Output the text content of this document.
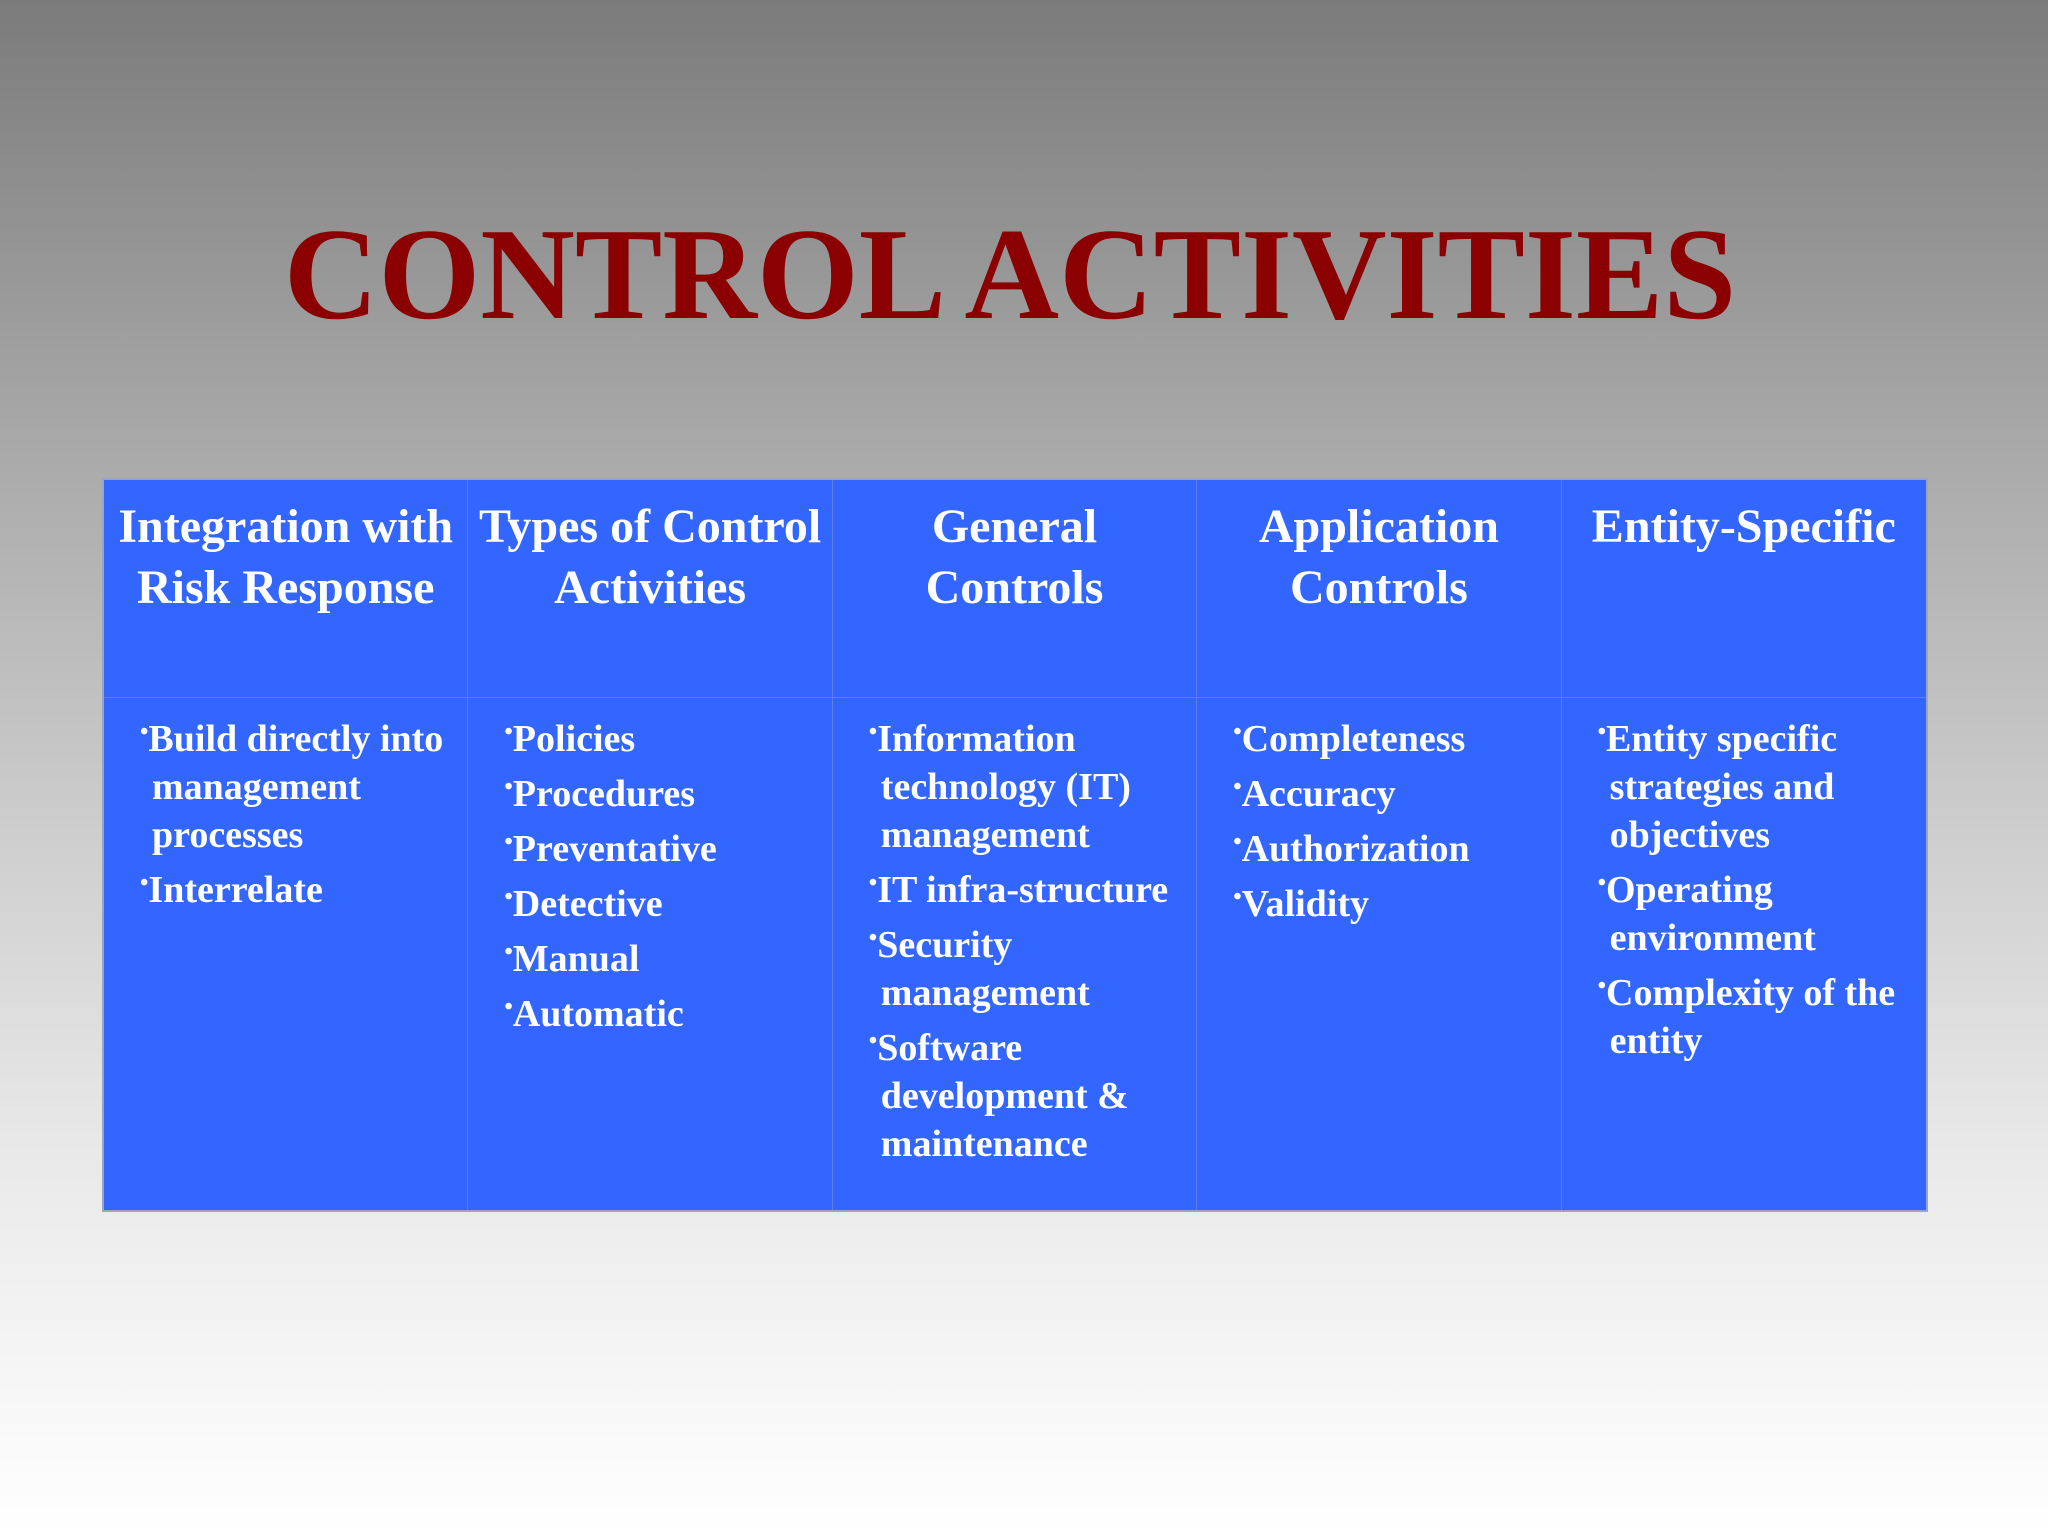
CONTROL ACTIVITIES
Integration with Risk Response
Types of Control Activities
General Controls
Application Controls
Entity-Specific
•Build directly into management processes
•Interrelate
•Policies
•Procedures
•Preventative
•Detective
•Manual
•Automatic
•Information technology (IT) management
•IT infra-structure
•Security management
•Software development & maintenance
•Completeness
•Accuracy
•Authorization
•Validity
•Entity specific strategies and objectives
•Operating environment
•Complexity of the entity
